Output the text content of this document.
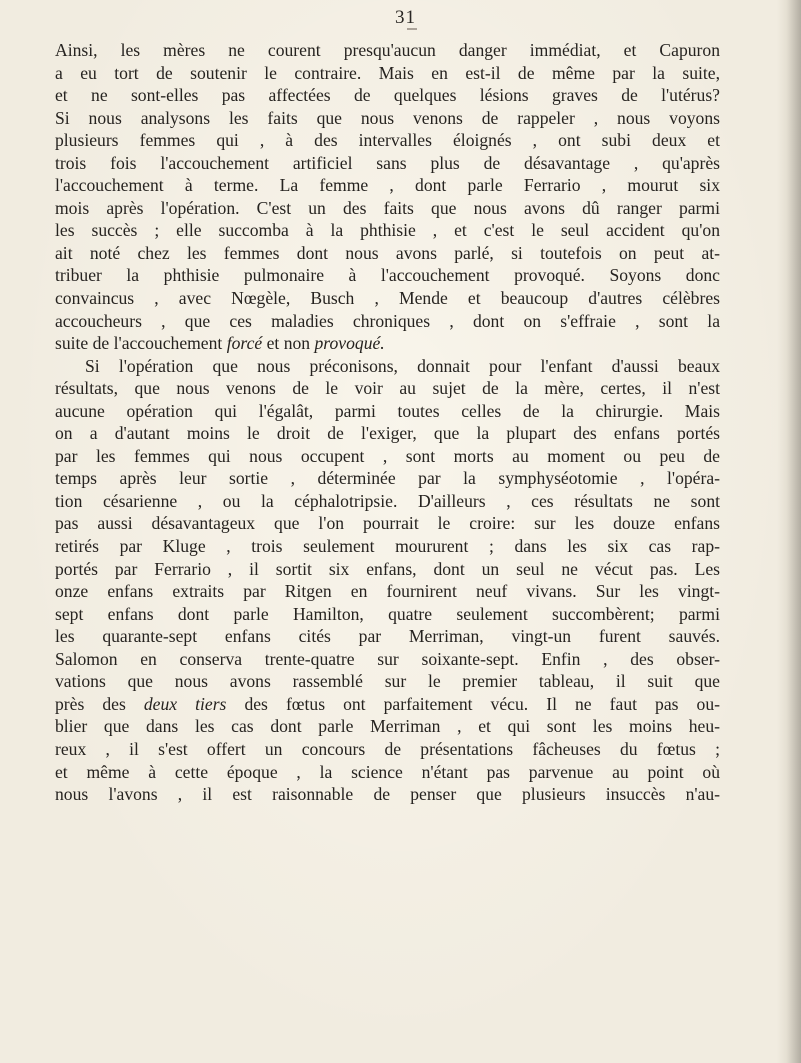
31
Ainsi, les mères ne courent presqu'aucun danger immédiat, et Capuron
a eu tort de soutenir le contraire. Mais en est-il de même par la suite,
et ne sont-elles pas affectées de quelques lésions graves de l'utérus?
Si nous analysons les faits que nous venons de rappeler , nous voyons
plusieurs femmes qui , à des intervalles éloignés , ont subi deux et
trois fois l'accouchement artificiel sans plus de désavantage , qu'après
l'accouchement à terme. La femme , dont parle Ferrario , mourut six
mois après l'opération. C'est un des faits que nous avons dû ranger parmi
les succès ; elle succomba à la phthisie , et c'est le seul accident qu'on
ait noté chez les femmes dont nous avons parlé, si toutefois on peut at-
tribuer la phthisie pulmonaire à l'accouchement provoqué. Soyons donc
convaincus , avec Nœgèle, Busch , Mende et beaucoup d'autres célèbres
accoucheurs , que ces maladies chroniques , dont on s'effraie , sont la
suite de l'accouchement forcé et non provoqué.
Si l'opération que nous préconisons, donnait pour l'enfant d'aussi beaux
résultats, que nous venons de le voir au sujet de la mère, certes, il n'est
aucune opération qui l'égalât, parmi toutes celles de la chirurgie. Mais
on a d'autant moins le droit de l'exiger, que la plupart des enfans portés
par les femmes qui nous occupent , sont morts au moment ou peu de
temps après leur sortie , déterminée par la symphyséotomie , l'opéra-
tion césarienne , ou la céphalotripsie. D'ailleurs , ces résultats ne sont
pas aussi désavantageux que l'on pourrait le croire: sur les douze enfans
retirés par Kluge , trois seulement moururent ; dans les six cas rap-
portés par Ferrario , il sortit six enfans, dont un seul ne vécut pas. Les
onze enfans extraits par Ritgen en fournirent neuf vivans. Sur les vingt-
sept enfans dont parle Hamilton, quatre seulement succombèrent; parmi
les quarante-sept enfans cités par Merriman, vingt-un furent sauvés.
Salomon en conserva trente-quatre sur soixante-sept. Enfin , des obser-
vations que nous avons rassemblé sur le premier tableau, il suit que
près des deux tiers des fœtus ont parfaitement vécu. Il ne faut pas ou-
blier que dans les cas dont parle Merriman , et qui sont les moins heu-
reux , il s'est offert un concours de présentations fâcheuses du fœtus ;
et même à cette époque , la science n'étant pas parvenue au point où
nous l'avons , il est raisonnable de penser que plusieurs insuccès n'au-
